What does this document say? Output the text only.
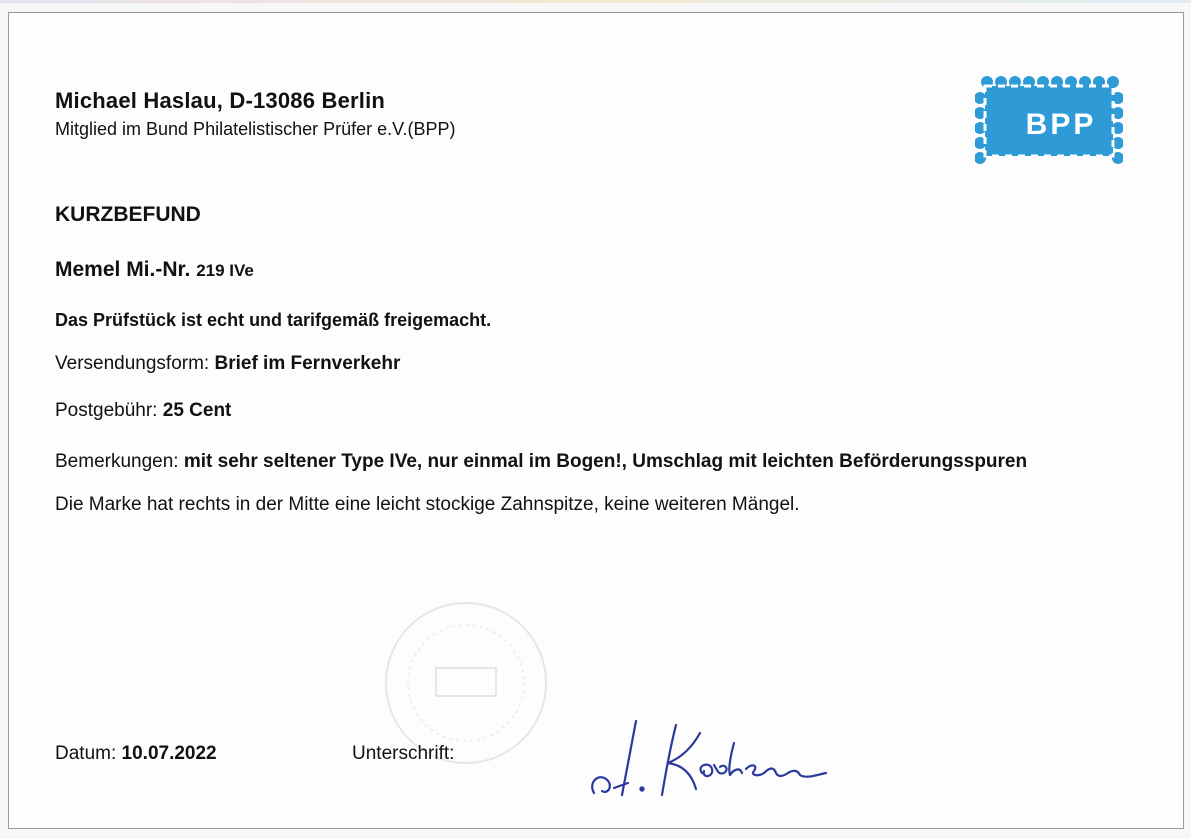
Michael Haslau, D-13086 Berlin
Mitglied im Bund Philatelistischer Prüfer e.V.(BPP)	BPP
KURZBEFUND
Memel Mi.-Nr. 219 IVe
Das Prüfstück ist echt und tarifgemäß freigemacht.
Versendungsform: Brief im Fernverkehr
Postgebühr: 25 Cent
Bemerkungen: mit sehr seltener Type IVe, nur einmal im Bogen!, Umschlag mit leichten Beförderungsspuren
Die Marke hat rechts in der Mitte eine leicht stockige Zahnspitze, keine weiteren Mängel.
Datum: 10.07.2022	Unterschrift:
